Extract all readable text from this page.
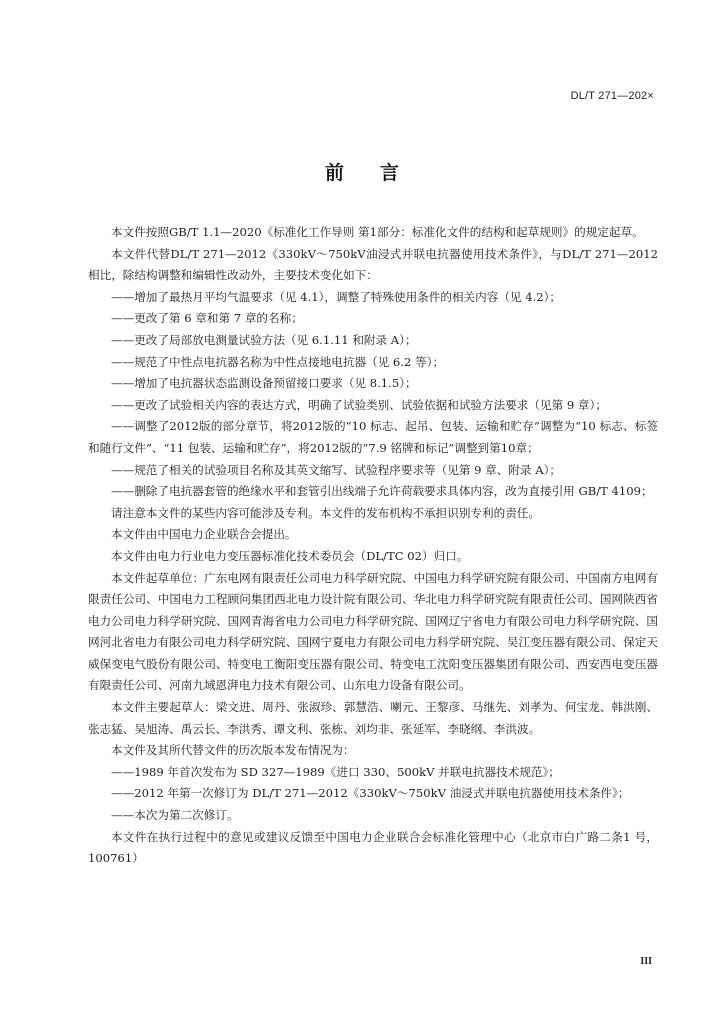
DL/T 271—202×
前言

本文件按照GB/T 1.1—2020《标准化工作导则 第1部分：标准化文件的结构和起草规则》的规定起草。

本文件代替DL/T 271—2012《330kV～750kV油浸式并联电抗器使用技术条件》，与DL/T 271—2012相比，除结构调整和编辑性改动外，主要技术变化如下：

——增加了最热月平均气温要求（见 4.1），调整了特殊使用条件的相关内容（见 4.2）；

——更改了第 6 章和第 7 章的名称；

——更改了局部放电测量试验方法（见 6.1.11 和附录 A）；

——规范了中性点电抗器名称为中性点接地电抗器（见 6.2 等）；

——增加了电抗器状态监测设备预留接口要求（见 8.1.5）；

——更改了试验相关内容的表达方式，明确了试验类别、试验依据和试验方法要求（见第 9 章）；

——调整了2012版的部分章节，将2012版的“10 标志、起吊、包装、运输和贮存”调整为“10 标志、标签和随行文件”、“11 包装、运输和贮存”，将2012版的“7.9 铭牌和标记”调整到第10章；

——规范了相关的试验项目名称及其英文缩写、试验程序要求等（见第 9 章、附录 A）；

——删除了电抗器套管的绝缘水平和套管引出线端子允许荷载要求具体内容，改为直接引用 GB/T 4109；

请注意本文件的某些内容可能涉及专利。本文件的发布机构不承担识别专利的责任。

本文件由中国电力企业联合会提出。

本文件由电力行业电力变压器标准化技术委员会（DL/TC 02）归口。

本文件起草单位：广东电网有限责任公司电力科学研究院、中国电力科学研究院有限公司、中国南方电网有限责任公司、中国电力工程顾问集团西北电力设计院有限公司、华北电力科学研究院有限责任公司、国网陕西省电力公司电力科学研究院、国网青海省电力公司电力科学研究院、国网辽宁省电力有限公司电力科学研究院、国网河北省电力有限公司电力科学研究院、国网宁夏电力有限公司电力科学研究院、吴江变压器有限公司、保定天威保变电气股份有限公司、特变电工衡阳变压器有限公司、特变电工沈阳变压器集团有限公司、西安西电变压器有限责任公司、河南九域恩湃电力技术有限公司、山东电力设备有限公司。

本文件主要起草人：梁文进、周丹、张淑珍、郭慧浩、喇元、王黎彦、马继先、刘孝为、何宝龙、韩洪刚、张志猛、吴旭涛、禹云长、李洪秀、谭文利、张栋、刘均非、张延军、李晓纲、李洪波。

本文件及其所代替文件的历次版本发布情况为：

——1989 年首次发布为 SD 327—1989《进口 330、500kV 并联电抗器技术规范》；

——2012 年第一次修订为 DL/T 271—2012《330kV～750kV 油浸式并联电抗器使用技术条件》；

——本次为第二次修订。

本文件在执行过程中的意见或建议反馈至中国电力企业联合会标准化管理中心（北京市白广路二条1 号，100761）

III
